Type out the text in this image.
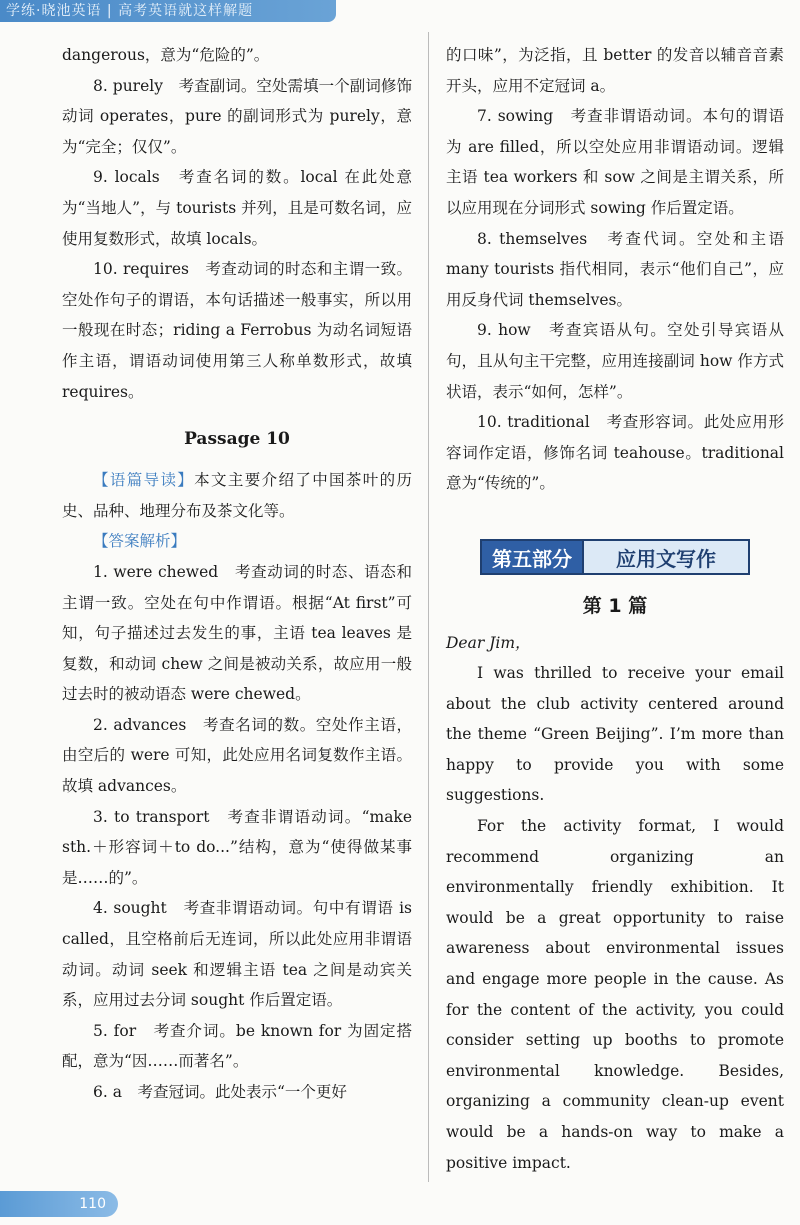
学练·晓池英语 | 高考英语就这样解题

dangerous，意为“危险的”。

8. purely　考查副词。空处需填一个副词修饰动词 operates，pure 的副词形式为 purely，意为“完全；仅仅”。

9. locals　考查名词的数。local 在此处意为“当地人”，与 tourists 并列，且是可数名词，应使用复数形式，故填 locals。

10. requires　考查动词的时态和主谓一致。空处作句子的谓语，本句话描述一般事实，所以用一般现在时态；riding a Ferrobus 为动名词短语作主语，谓语动词使用第三人称单数形式，故填 requires。

Passage 10

【语篇导读】本文主要介绍了中国茶叶的历史、品种、地理分布及茶文化等。

【答案解析】

1. were chewed　考查动词的时态、语态和主谓一致。空处在句中作谓语。根据“At first”可知，句子描述过去发生的事，主语 tea leaves 是复数，和动词 chew 之间是被动关系，故应用一般过去时的被动语态 were chewed。

2. advances　考查名词的数。空处作主语，由空后的 were 可知，此处应用名词复数作主语。故填 advances。

3. to transport　考查非谓语动词。“make sth.＋形容词＋to do...”结构，意为“使得做某事是……的”。

4. sought　考查非谓语动词。句中有谓语 is called，且空格前后无连词，所以此处应用非谓语动词。动词 seek 和逻辑主语 tea 之间是动宾关系，应用过去分词 sought 作后置定语。

5. for　考查介词。be known for 为固定搭配，意为“因……而著名”。

6. a　考查冠词。此处表示“一个更好

的口味”，为泛指，且 better 的发音以辅音音素开头，应用不定冠词 a。

7. sowing　考查非谓语动词。本句的谓语为 are filled，所以空处应用非谓语动词。逻辑主语 tea workers 和 sow 之间是主谓关系，所以应用现在分词形式 sowing 作后置定语。

8. themselves　考查代词。空处和主语 many tourists 指代相同，表示“他们自己”，应用反身代词 themselves。

9. how　考查宾语从句。空处引导宾语从句，且从句主干完整，应用连接副词 how 作方式状语，表示“如何，怎样”。

10. traditional　考查形容词。此处应用形容词作定语，修饰名词 teahouse。traditional 意为“传统的”。

第五部分	应用文写作
第 1 篇

Dear Jim，

I was thrilled to receive your email about the club activity centered around the theme “Green Beijing”. I’m more than happy to provide you with some suggestions.

For the activity format, I would recommend organizing an environmentally friendly exhibition. It would be a great opportunity to raise awareness about environmental issues and engage more people in the cause. As for the content of the activity, you could consider setting up booths to promote environmental knowledge. Besides, organizing a community clean-up event would be a hands-on way to make a positive impact.

110
